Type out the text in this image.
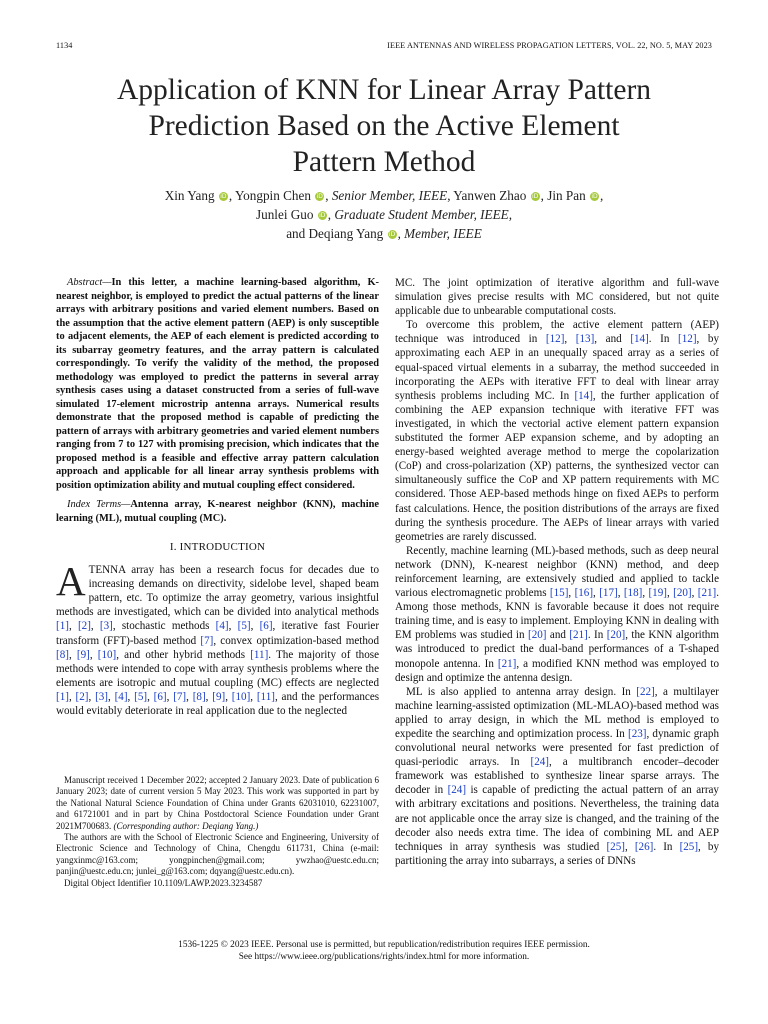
1134	IEEE ANTENNAS AND WIRELESS PROPAGATION LETTERS, VOL. 22, NO. 5, MAY 2023
Application of KNN for Linear Array Pattern
Prediction Based on the Active Element
Pattern Method
Xin Yang iD , Yongpin Chen iD , Senior Member, IEEE, Yanwen Zhao iD , Jin Pan iD ,
Junlei Guo iD , Graduate Student Member, IEEE,
and Deqiang Yang iD , Member, IEEE

Abstract—In this letter, a machine learning-based algorithm, K-nearest neighbor, is employed to predict the actual patterns of the linear arrays with arbitrary positions and varied element numbers. Based on the assumption that the active element pattern (AEP) is only susceptible to adjacent elements, the AEP of each element is predicted according to its subarray geometry features, and the array pattern is calculated correspondingly. To verify the validity of the method, the proposed methodology was employed to predict the patterns in several array synthesis cases using a dataset constructed from a series of full-wave simulated 17-element microstrip antenna arrays. Numerical results demonstrate that the proposed method is capable of predicting the pattern of arrays with arbitrary geometries and varied element numbers ranging from 7 to 127 with promising precision, which indicates that the proposed method is a feasible and effective array pattern calculation approach and applicable for all linear array synthesis problems with position optimization ability and mutual coupling effect considered.

Index Terms—Antenna array, K-nearest neighbor (KNN), machine learning (ML), mutual coupling (MC).

I. INTRODUCTION

ATENNA array has been a research focus for decades due to increasing demands on directivity, sidelobe level, shaped beam pattern, etc. To optimize the array geometry, various insightful methods are investigated, which can be divided into analytical methods [1], [2], [3], stochastic methods [4], [5], [6], iterative fast Fourier transform (FFT)-based method [7], convex optimization-based method [8], [9], [10], and other hybrid methods [11]. The majority of those methods were intended to cope with array synthesis problems where the elements are isotropic and mutual coupling (MC) effects are neglected [1], [2], [3], [4], [5], [6], [7], [8], [9], [10], [11], and the performances would evitably deteriorate in real application due to the neglected

Manuscript received 1 December 2022; accepted 2 January 2023. Date of publication 6 January 2023; date of current version 5 May 2023. This work was supported in part by the National Natural Science Foundation of China under Grants 62031010, 62231007, and 61721001 and in part by China Postdoctoral Science Foundation under Grant 2021M700683. (Corresponding author: Deqiang Yang.)

The authors are with the School of Electronic Science and Engineering, University of Electronic Science and Technology of China, Chengdu 611731, China (e-mail: yangxinmc@163.com; yongpinchen@gmail.com; ywzhao@uestc.edu.cn; panjin@uestc.edu.cn; junlei_g@163.com; dqyang@uestc.edu.cn).

Digital Object Identifier 10.1109/LAWP.2023.3234587

MC. The joint optimization of iterative algorithm and full-wave simulation gives precise results with MC considered, but not quite applicable due to unbearable computational costs.

To overcome this problem, the active element pattern (AEP) technique was introduced in [12], [13], and [14]. In [12], by approximating each AEP in an unequally spaced array as a series of equal-spaced virtual elements in a subarray, the method succeeded in incorporating the AEPs with iterative FFT to deal with linear array synthesis problems including MC. In [14], the further application of combining the AEP expansion technique with iterative FFT was investigated, in which the vectorial active element pattern expansion substituted the former AEP expansion scheme, and by adopting an energy-based weighted average method to merge the copolarization (CoP) and cross-polarization (XP) patterns, the synthesized vector can simultaneously suffice the CoP and XP pattern requirements with MC considered. Those AEP-based methods hinge on fixed AEPs to perform fast calculations. Hence, the position distributions of the arrays are fixed during the synthesis procedure. The AEPs of linear arrays with varied geometries are rarely discussed.

Recently, machine learning (ML)-based methods, such as deep neural network (DNN), K-nearest neighbor (KNN) method, and deep reinforcement learning, are extensively studied and applied to tackle various electromagnetic problems [15], [16], [17], [18], [19], [20], [21]. Among those methods, KNN is favorable because it does not require training time, and is easy to implement. Employing KNN in dealing with EM problems was studied in [20] and [21]. In [20], the KNN algorithm was introduced to predict the dual-band performances of a T-shaped monopole antenna. In [21], a modified KNN method was employed to design and optimize the antenna design.

ML is also applied to antenna array design. In [22], a multilayer machine learning-assisted optimization (ML-MLAO)-based method was applied to array design, in which the ML method is employed to expedite the searching and optimization process. In [23], dynamic graph convolutional neural networks were presented for fast prediction of quasi-periodic arrays. In [24], a multibranch encoder–decoder framework was established to synthesize linear sparse arrays. The decoder in [24] is capable of predicting the actual pattern of an array with arbitrary excitations and positions. Nevertheless, the training data are not applicable once the array size is changed, and the training of the decoder also needs extra time. The idea of combining ML and AEP techniques in array synthesis was studied [25], [26]. In [25], by partitioning the array into subarrays, a series of DNNs

1536-1225 © 2023 IEEE. Personal use is permitted, but republication/redistribution requires IEEE permission.
See https://www.ieee.org/publications/rights/index.html for more information.
